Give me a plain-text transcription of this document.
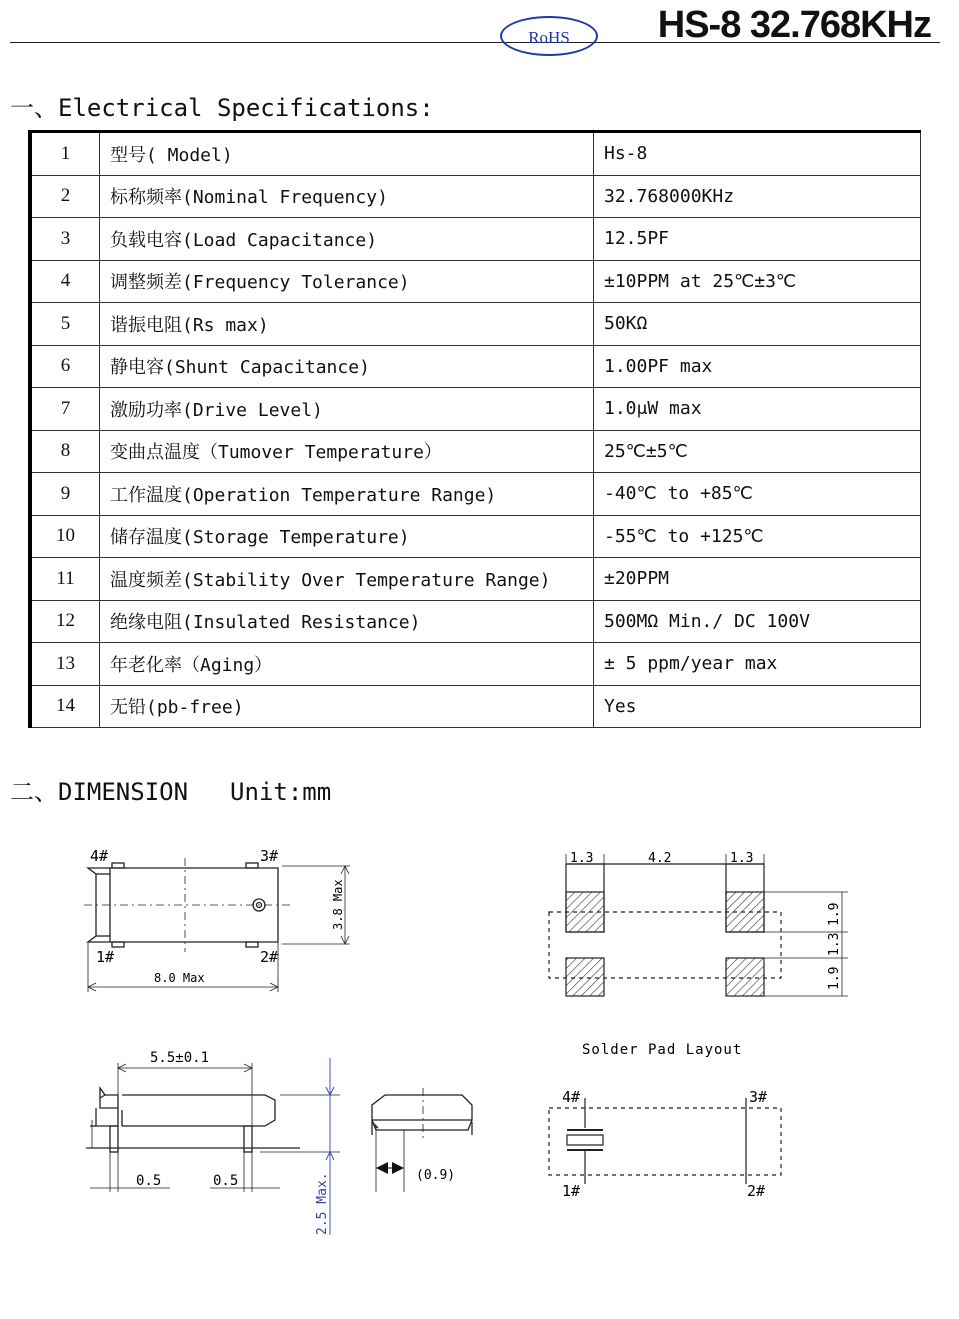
RoHS	HS-8 32.768KHz
一、Electrical Specifications:
1	型号( Model)	Hs-8
2	标称频率(Nominal Frequency)	32.768000KHz
3	负载电容(Load Capacitance)	12.5PF
4	调整频差(Frequency Tolerance)	±10PPM at 25℃±3℃
5	谐振电阻(Rs max)	50KΩ
6	静电容(Shunt Capacitance)	1.00PF max
7	激励功率(Drive Level)	1.0μW max
8	变曲点温度（Tumover Temperature）	25℃±5℃
9	工作温度(Operation Temperature Range)	-40℃ to +85℃
10	储存温度(Storage Temperature)	-55℃ to +125℃
11	温度频差(Stability Over Temperature Range)	±20PPM
12	绝缘电阻(Insulated Resistance)	500MΩ Min./ DC 100V
13	年老化率（Aging）	± 5 ppm/year max
14	无铅(pb-free)	Yes
二、DIMENSION Unit:mm
4#	3#
1#	2#
3.8 Max
8.0 Max
5.5±0.1
0.5	0.5	2.5 Max.	(0.9)
1.3	4.2	1.3
1.9
1.3
1.9
Solder Pad Layout
4#	3#
1#	2#
